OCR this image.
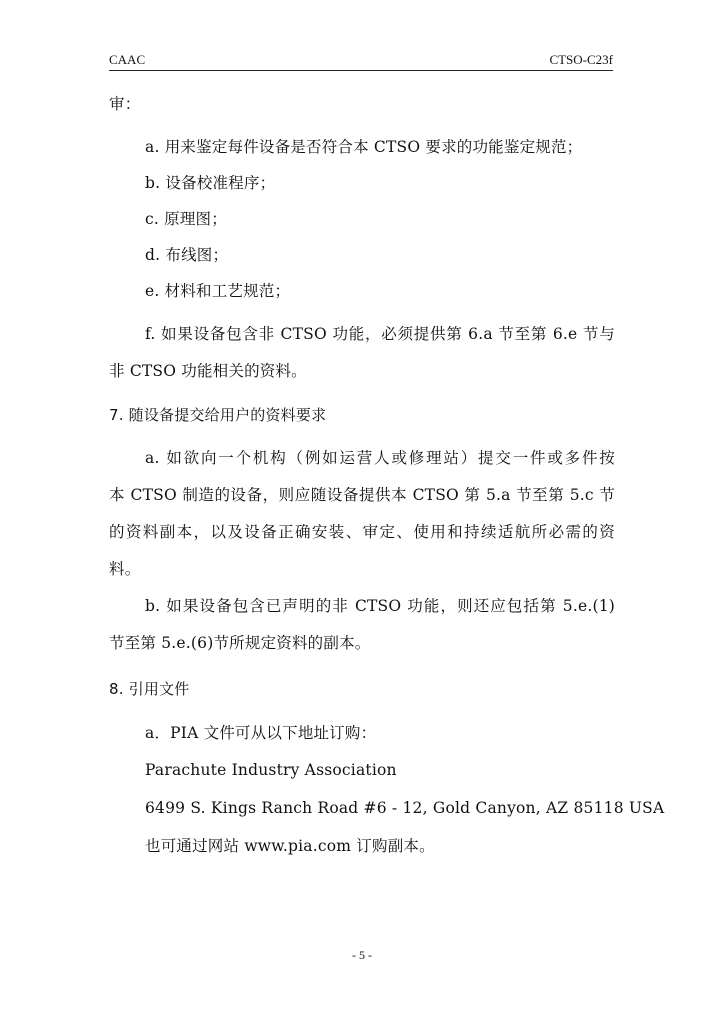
CAAC	CTSO-C23f
审：
a. 用来鉴定每件设备是否符合本 CTSO 要求的功能鉴定规范；
b. 设备校准程序；
c. 原理图；
d. 布线图；
e. 材料和工艺规范；
f. 如果设备包含非 CTSO 功能，必须提供第 6.a 节至第 6.e 节与
非 CTSO 功能相关的资料。
7. 随设备提交给用户的资料要求
a. 如欲向一个机构（例如运营人或修理站）提交一件或多件按
本 CTSO 制造的设备，则应随设备提供本 CTSO 第 5.a 节至第 5.c 节
的资料副本，以及设备正确安装、审定、使用和持续适航所必需的资
料。
b. 如果设备包含已声明的非 CTSO 功能，则还应包括第 5.e.(1)
节至第 5.e.(6)节所规定资料的副本。
8. 引用文件
a．PIA 文件可从以下地址订购：
Parachute Industry Association
6499 S. Kings Ranch Road #6 - 12, Gold Canyon, AZ 85118 USA
也可通过网站 www.pia.com 订购副本。
- 5 -
